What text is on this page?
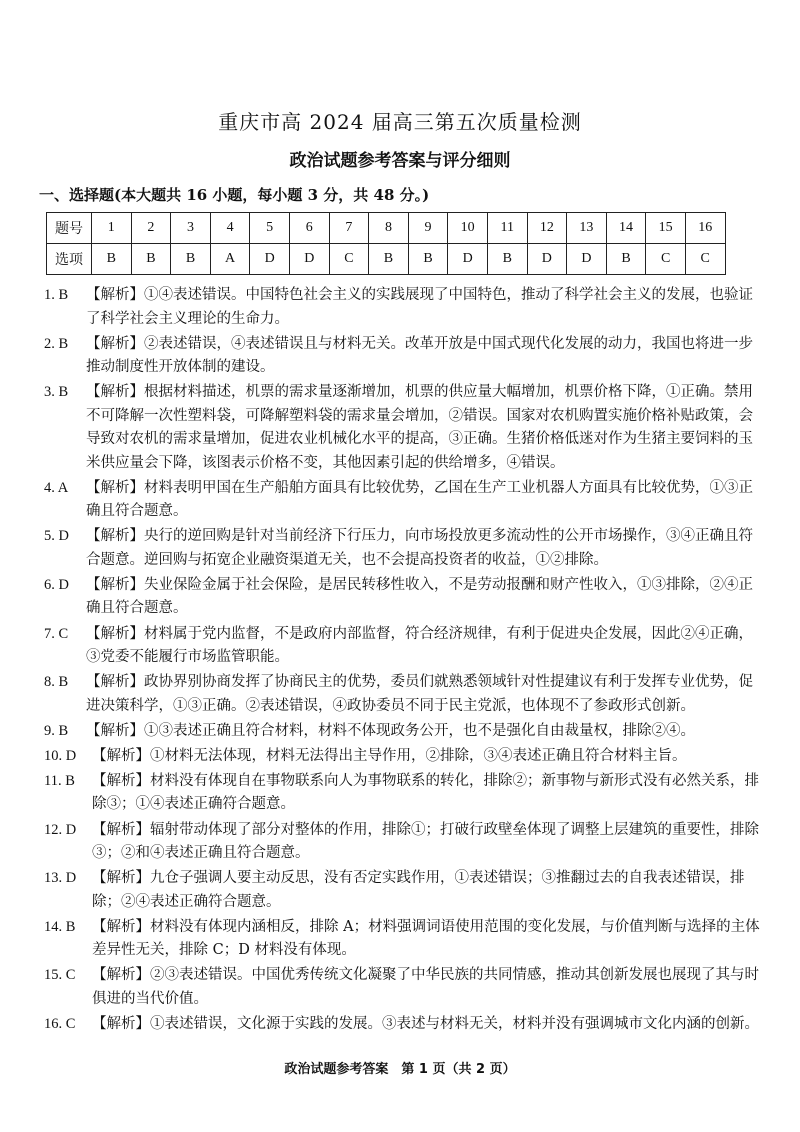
重庆市高 2024 届高三第五次质量检测
政治试题参考答案与评分细则
一、选择题(本大题共 16 小题，每小题 3 分，共 48 分。)
题号	1	2	3	4	5	6	7	8	9	10	11	12	13	14	15	16
选项	B	B	B	A	D	D	C	B	B	D	B	D	D	B	C	C
1. B 【解析】①④表述错误。中国特色社会主义的实践展现了中国特色，推动了科学社会主义的发展，也验证了科学社会主义理论的生命力。
2. B 【解析】②表述错误，④表述错误且与材料无关。改革开放是中国式现代化发展的动力，我国也将进一步推动制度性开放体制的建设。
3. B 【解析】根据材料描述，机票的需求量逐渐增加，机票的供应量大幅增加，机票价格下降，①正确。禁用不可降解一次性塑料袋，可降解塑料袋的需求量会增加，②错误。国家对农机购置实施价格补贴政策，会导致对农机的需求量增加，促进农业机械化水平的提高，③正确。生猪价格低迷对作为生猪主要饲料的玉米供应量会下降，该图表示价格不变，其他因素引起的供给增多，④错误。
4. A 【解析】材料表明甲国在生产船舶方面具有比较优势，乙国在生产工业机器人方面具有比较优势，①③正确且符合题意。
5. D 【解析】央行的逆回购是针对当前经济下行压力，向市场投放更多流动性的公开市场操作，③④正确且符合题意。逆回购与拓宽企业融资渠道无关，也不会提高投资者的收益，①②排除。
6. D 【解析】失业保险金属于社会保险，是居民转移性收入，不是劳动报酬和财产性收入，①③排除，②④正确且符合题意。
7. C 【解析】材料属于党内监督，不是政府内部监督，符合经济规律，有利于促进央企发展，因此②④正确，③党委不能履行市场监管职能。
8. B 【解析】政协界别协商发挥了协商民主的优势，委员们就熟悉领域针对性提建议有利于发挥专业优势，促进决策科学，①③正确。②表述错误，④政协委员不同于民主党派，也体现不了参政形式创新。
9. B 【解析】①③表述正确且符合材料，材料不体现政务公开，也不是强化自由裁量权，排除②④。
10. D 【解析】①材料无法体现，材料无法得出主导作用，②排除，③④表述正确且符合材料主旨。
11. B 【解析】材料没有体现自在事物联系向人为事物联系的转化，排除②；新事物与新形式没有必然关系，排除③；①④表述正确符合题意。
12. D 【解析】辐射带动体现了部分对整体的作用，排除①；打破行政壁垒体现了调整上层建筑的重要性，排除③；②和④表述正确且符合题意。
13. D 【解析】九仓子强调人要主动反思，没有否定实践作用，①表述错误；③推翻过去的自我表述错误，排除；②④表述正确符合题意。
14. B 【解析】材料没有体现内涵相反，排除 A；材料强调词语使用范围的变化发展，与价值判断与选择的主体差异性无关，排除 C；D 材料没有体现。
15. C 【解析】②③表述错误。中国优秀传统文化凝聚了中华民族的共同情感，推动其创新发展也展现了其与时俱进的当代价值。
16. C 【解析】①表述错误，文化源于实践的发展。③表述与材料无关，材料并没有强调城市文化内涵的创新。
政治试题参考答案　第 1 页（共 2 页）
